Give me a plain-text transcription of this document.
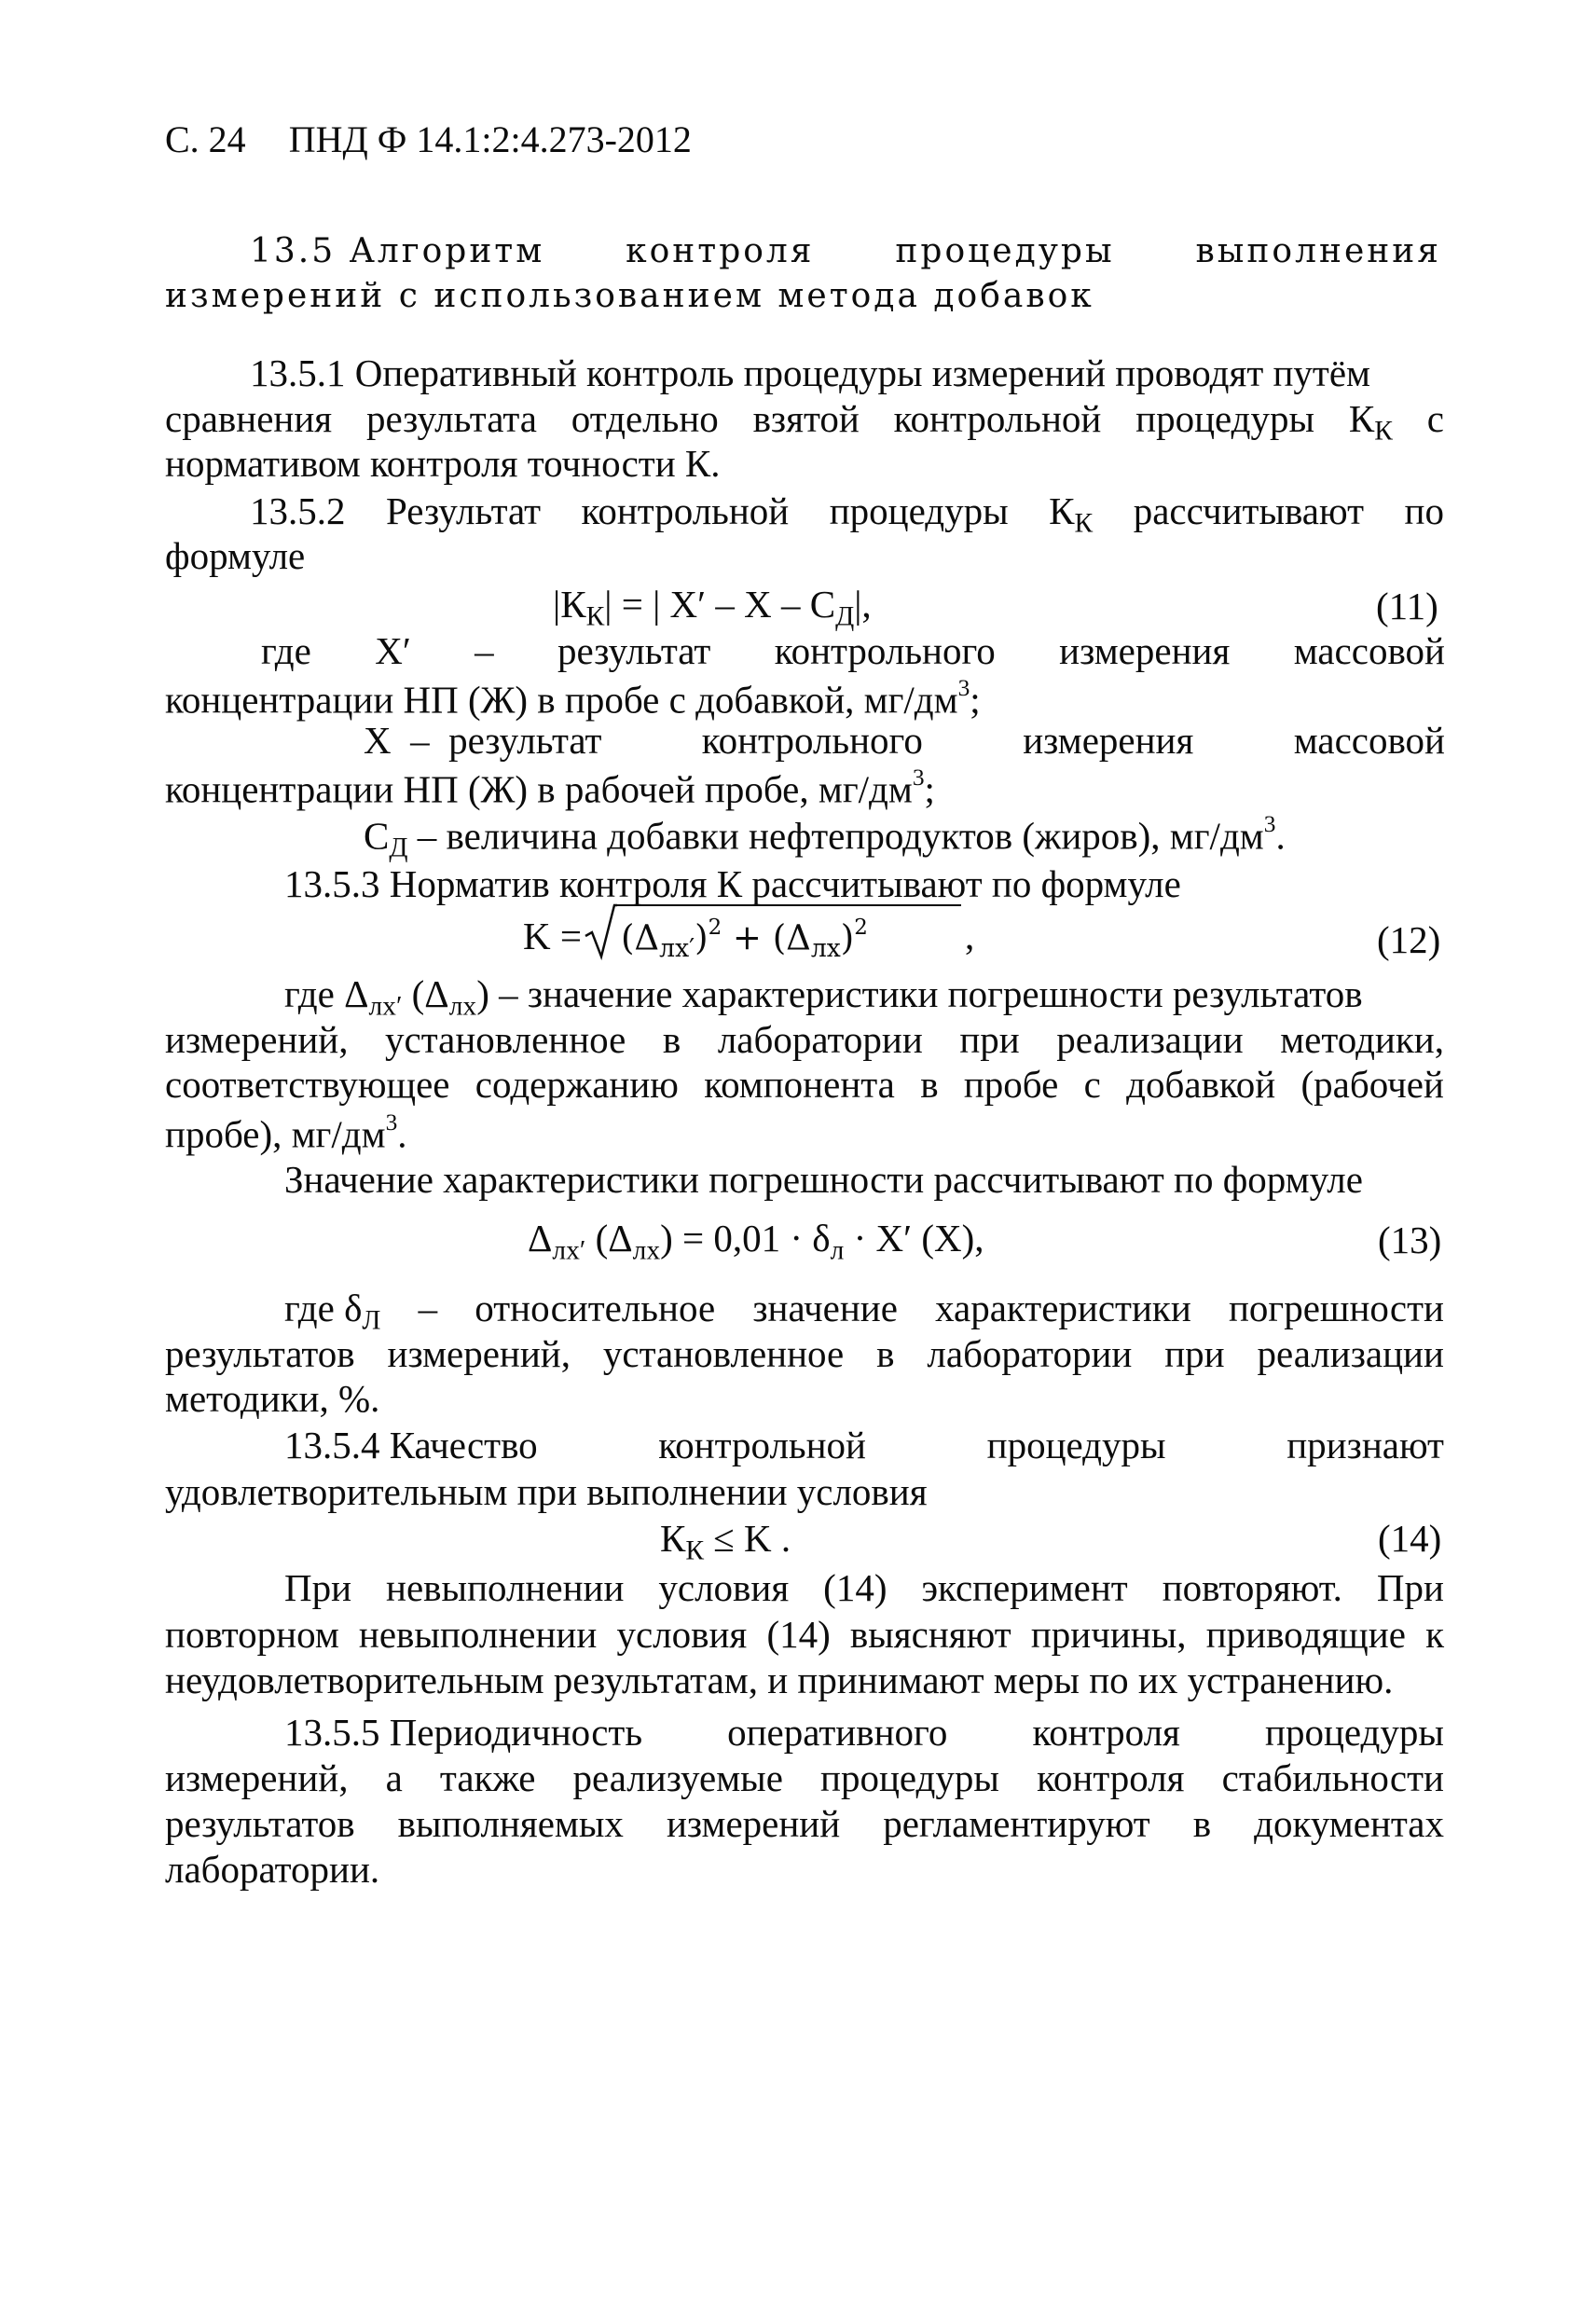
С. 24 ПНД Ф 14.1:2:4.273-2012
13.5 Алгоритм контроля процедуры выполнения
измерений с использованием метода добавок
13.5.1 Оперативный контроль процедуры измерений проводят путём
сравнения результата отдельно взятой контрольной процедуры $К_К$ с
нормативом контроля точности К.
13.5.2 Результат контрольной процедуры $К_К$ рассчитывают по
формуле
$|К_К|$ = | X′ – X – $С_Д|$,	(11)
где X′ – результат контрольного измерения массовой
концентрации НП (Ж) в пробе с добавкой, $мг/дм^3$;
X – результат	контрольного	измерения	массовой
концентрации НП (Ж) в рабочей пробе, $мг/дм^3$;
$С_Д$ – величина добавки нефтепродуктов (жиров), $мг/дм^3$.
13.5.3 Норматив контроля К рассчитывают по формуле
$K = (\Delta_{лх'})^2 + (\Delta_{лх})^2$	,	(12)
где $\Delta_{лх'}$ $(\Delta_{лх})$ – значение характеристики погрешности результатов
измерений, установленное в лаборатории при реализации методики,
соответствующее содержанию компонента в пробе с добавкой (рабочей
пробе), $мг/дм^3$.
Значение характеристики погрешности рассчитывают по формуле
$\Delta_{лх'}$ $(\Delta_{лх}) = 0,01 \cdot \delta_л \cdot X'$ (X),	(13)
где $\delta_Л$ – относительное значение характеристики погрешности
результатов измерений, установленное в лаборатории при реализации
методики, %.
13.5.4 Качество	контрольной	процедуры	признают
удовлетворительным при выполнении условия
$К_К \le K$ .	(14)
При невыполнении условия (14) эксперимент повторяют. При
повторном невыполнении условия (14) выясняют причины, приводящие к
неудовлетворительным результатам, и принимают меры по их устранению.
13.5.5 Периодичность оперативного контроля процедуры
измерений, а также реализуемые процедуры контроля стабильности
результатов выполняемых измерений регламентируют в документах
лаборатории.
